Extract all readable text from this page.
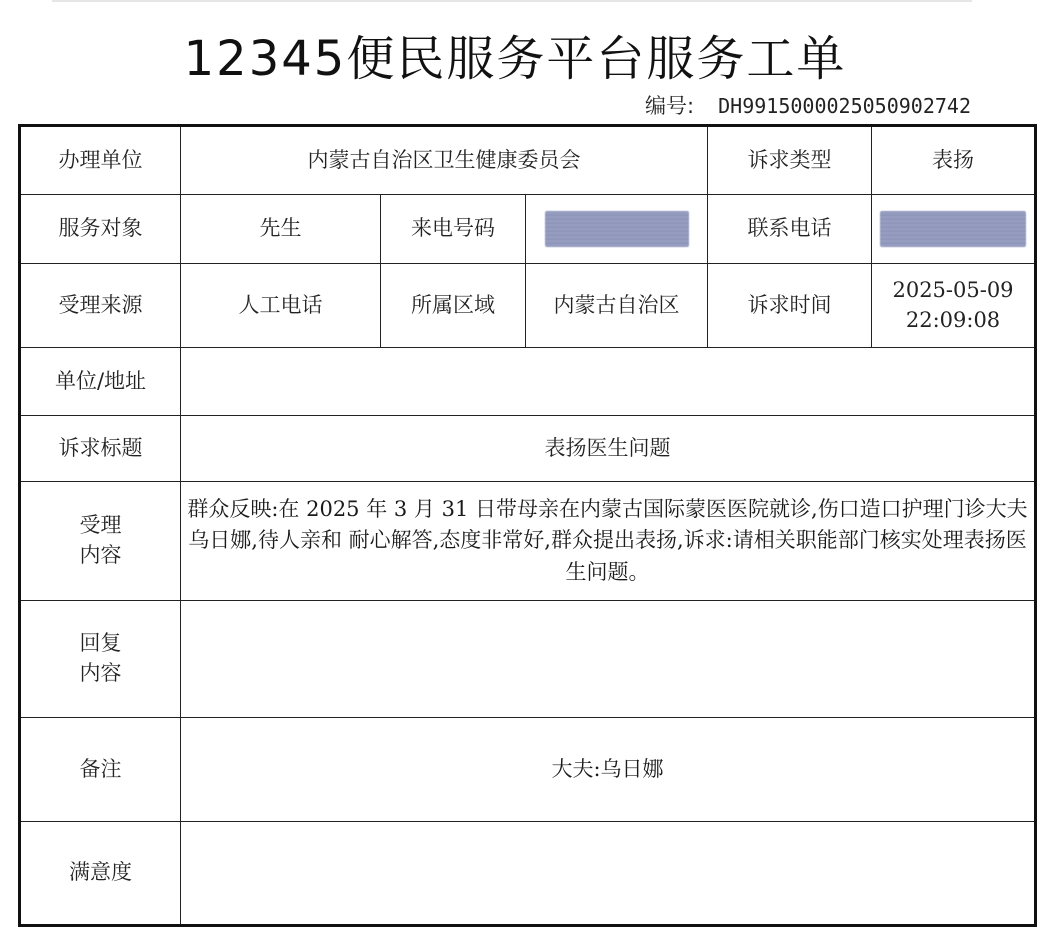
12345便民服务平台服务工单
编号: DH991500002505090274​2
办理单位	内蒙古自治区卫生健康委员会			诉求类型	表扬
服务对象	先生	来电号码		联系电话	
受理来源	人工电话	所属区域	内蒙古自治区	诉求时间	2025-05-09
22:09:08
单位/地址					
诉求标题	表扬医生问题				
受理
内容	群众反映:在 2025 年 3 月 31 日带母亲在内蒙古国际蒙医医院就诊,伤口造口护理门诊大夫乌日娜,待人亲和 耐心解答,态度非常好,群众提出表扬,诉求:请相关职能部门核实处理表扬医生问题。				
回复
内容					
备注	大夫:乌日娜				
满意度					
